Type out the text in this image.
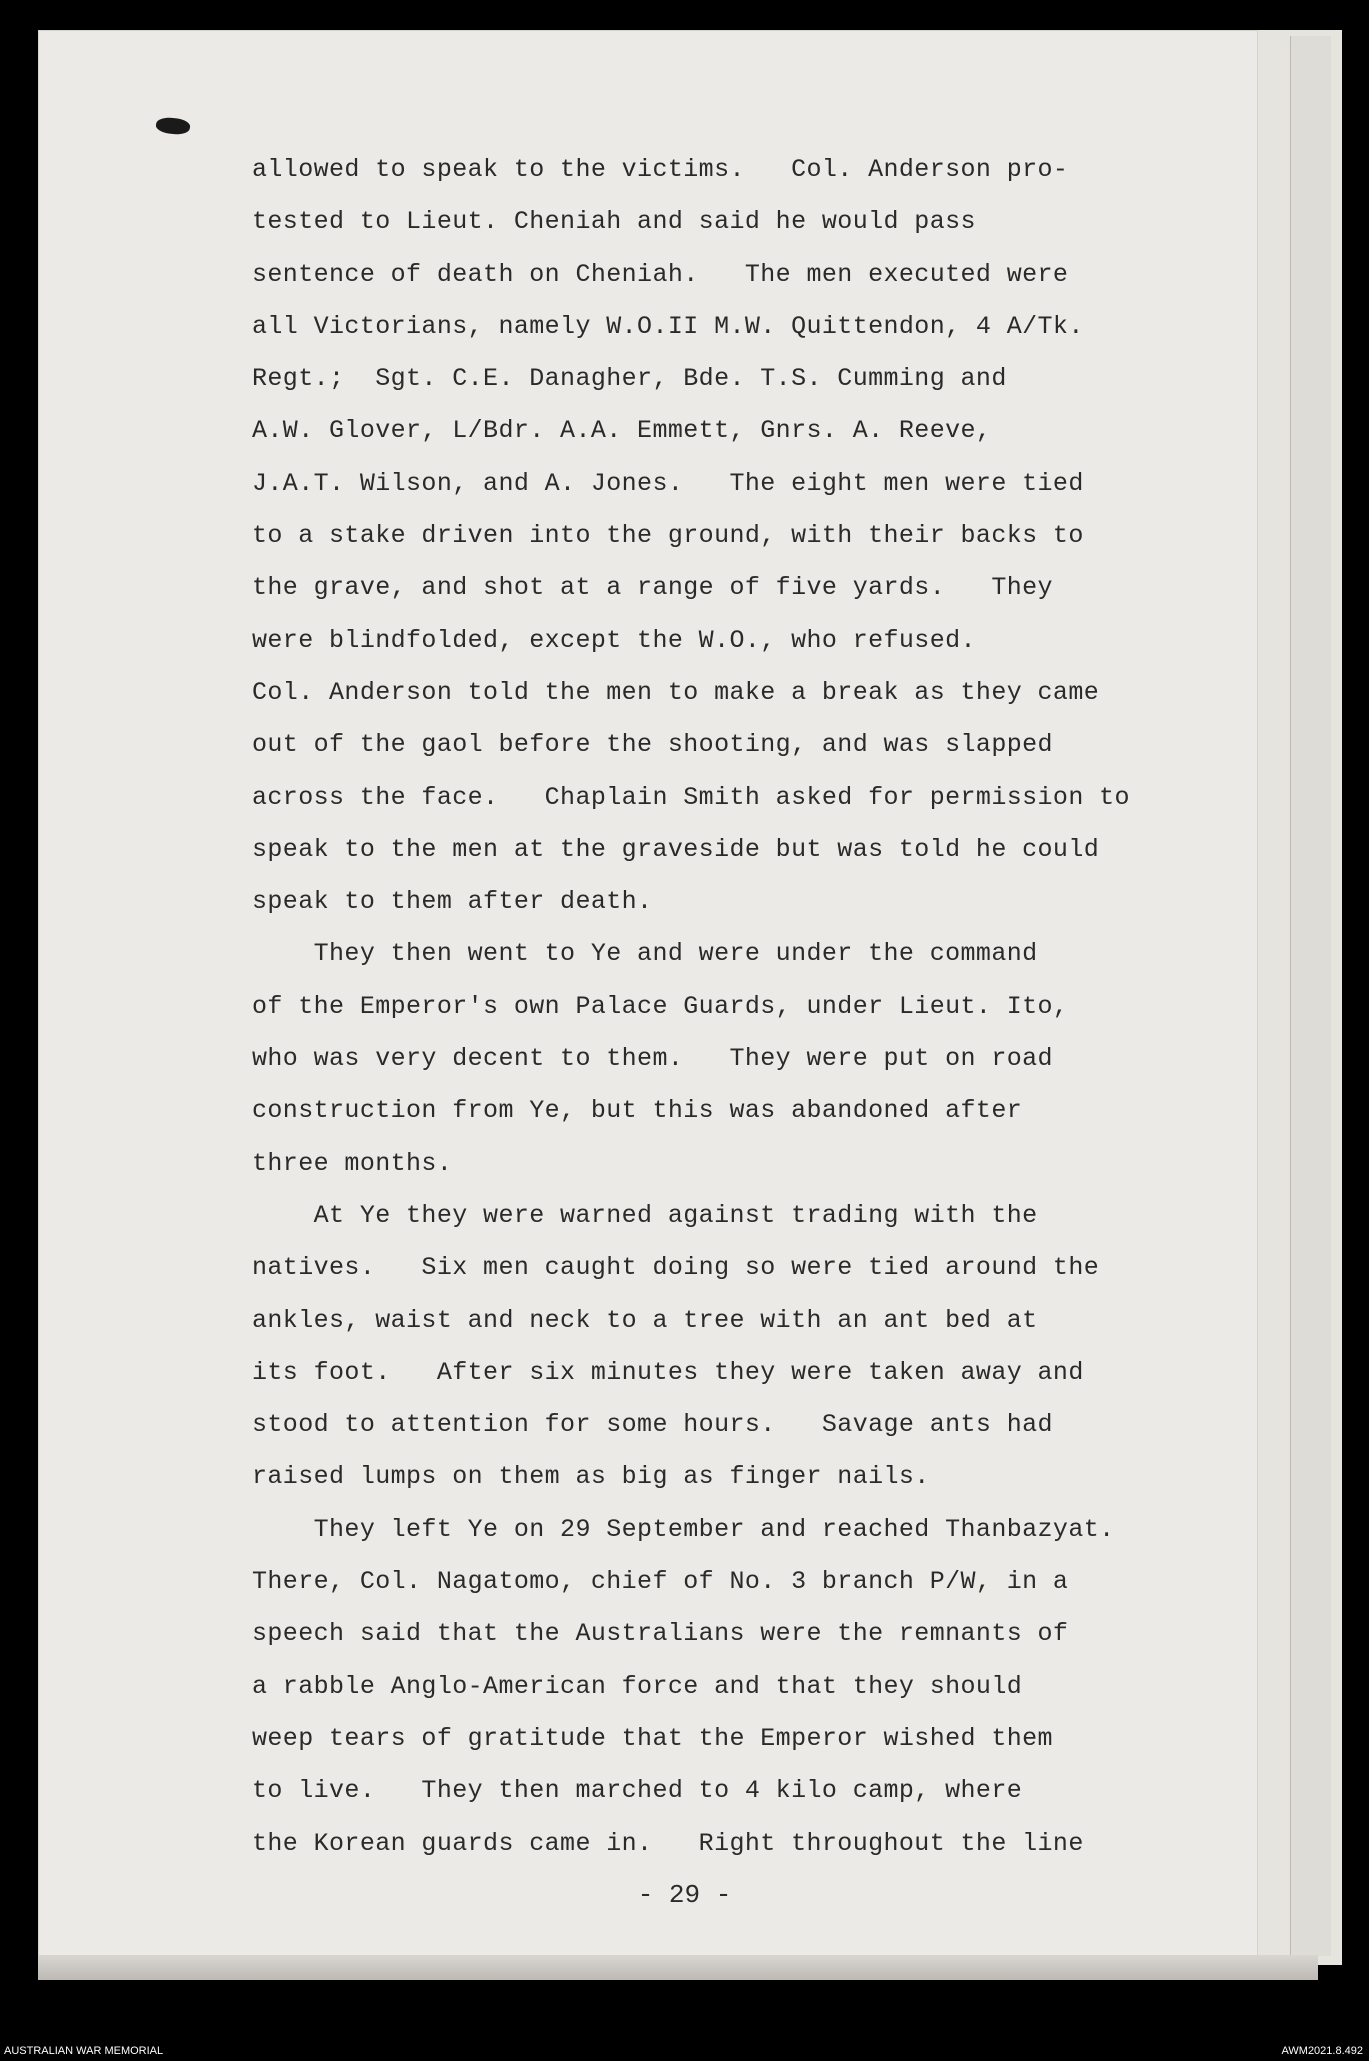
allowed to speak to the victims.   Col. Anderson pro-
tested to Lieut. Cheniah and said he would pass
sentence of death on Cheniah.   The men executed were
all Victorians, namely W.O.II M.W. Quittendon, 4 A/Tk.
Regt.;  Sgt. C.E. Danagher, Bde. T.S. Cumming and
A.W. Glover, L/Bdr. A.A. Emmett, Gnrs. A. Reeve,
J.A.T. Wilson, and A. Jones.   The eight men were tied
to a stake driven into the ground, with their backs to
the grave, and shot at a range of five yards.   They
were blindfolded, except the W.O., who refused.
Col. Anderson told the men to make a break as they came
out of the gaol before the shooting, and was slapped
across the face.   Chaplain Smith asked for permission to
speak to the men at the graveside but was told he could
speak to them after death.
They then went to Ye and were under the command
of the Emperor's own Palace Guards, under Lieut. Ito,
who was very decent to them.   They were put on road
construction from Ye, but this was abandoned after
three months.
At Ye they were warned against trading with the
natives.   Six men caught doing so were tied around the
ankles, waist and neck to a tree with an ant bed at
its foot.   After six minutes they were taken away and
stood to attention for some hours.   Savage ants had
raised lumps on them as big as finger nails.
They left Ye on 29 September and reached Thanbazyat.
There, Col. Nagatomo, chief of No. 3 branch P/W, in a
speech said that the Australians were the remnants of
a rabble Anglo-American force and that they should
weep tears of gratitude that the Emperor wished them
to live.   They then marched to 4 kilo camp, where
the Korean guards came in.   Right throughout the line
- 29 -
AUSTRALIAN WAR MEMORIAL	AWM2021.8.492
